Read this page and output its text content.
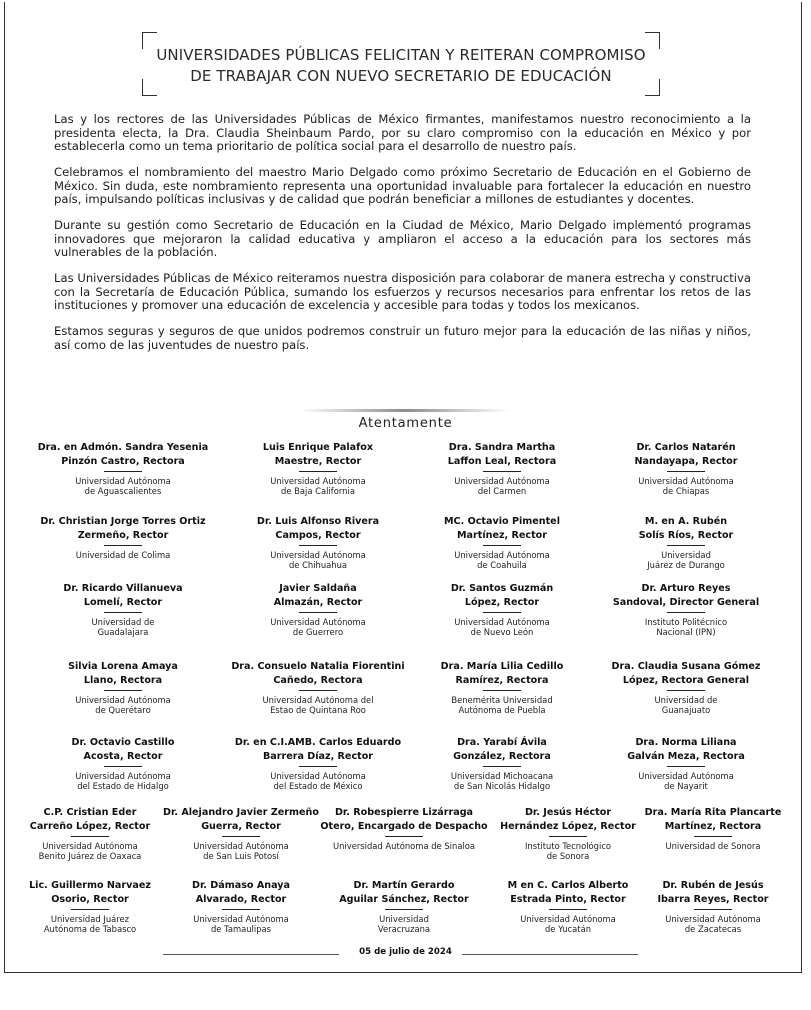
UNIVERSIDADES PÚBLICAS FELICITAN Y REITERAN COMPROMISO
DE TRABAJAR CON NUEVO SECRETARIO DE EDUCACIÓN

Las y los rectores de las Universidades Públicas de México firmantes, manifestamos nuestro reconocimiento a la presidenta electa, la Dra. Claudia Sheinbaum Pardo, por su claro compromiso con la educación en México y por establecerla como un tema prioritario de política social para el desarrollo de nuestro país.

Celebramos el nombramiento del maestro Mario Delgado como próximo Secretario de Educación en el Gobierno de México. Sin duda, este nombramiento representa una oportunidad invaluable para fortalecer la educación en nuestro país, impulsando políticas inclusivas y de calidad que podrán beneficiar a millones de estudiantes y docentes.

Durante su gestión como Secretario de Educación en la Ciudad de México, Mario Delgado implementó programas innovadores que mejoraron la calidad educativa y ampliaron el acceso a la educación para los sectores más vulnerables de la población.

Las Universidades Públicas de México reiteramos nuestra disposición para colaborar de manera estrecha y constructiva con la Secretaría de Educación Pública, sumando los esfuerzos y recursos necesarios para enfrentar los retos de las instituciones y promover una educación de excelencia y accesible para todas y todos los mexicanos.

Estamos seguras y seguros de que unidos podremos construir un futuro mejor para la educación de las niñas y niños, así como de las juventudes de nuestro país.

Atentamente
Dra. en Admón. Sandra Yesenia
Pinzón Castro, Rectora
Universidad Autónoma
de Aguascalientes
Luis Enrique Palafox
Maestre, Rector
Universidad Autónoma
de Baja California
Dra. Sandra Martha
Laffon Leal, Rectora
Universidad Autónoma
del Carmen
Dr. Carlos Natarén
Nandayapa, Rector
Universidad Autónoma
de Chiapas
Dr. Christian Jorge Torres Ortiz
Zermeño, Rector
Universidad de Colima
Dr. Luis Alfonso Rivera
Campos, Rector
Universidad Autónoma
de Chihuahua
MC. Octavio Pimentel
Martínez, Rector
Universidad Autónoma
de Coahuila
M. en A. Rubén
Solís Ríos, Rector
Universidad
Juárez de Durango
Dr. Ricardo Villanueva
Lomelí, Rector
Universidad de
Guadalajara
Javier Saldaña
Almazán, Rector
Universidad Autónoma
de Guerrero
Dr. Santos Guzmán
López, Rector
Universidad Autónoma
de Nuevo León
Dr. Arturo Reyes
Sandoval, Director General
Instituto Politécnico
Nacional (IPN)
Silvia Lorena Amaya
Llano, Rectora
Universidad Autónoma
de Querétaro
Dra. Consuelo Natalia Fiorentini
Cañedo, Rectora
Universidad Autónoma del
Estao de Quintana Roo
Dra. María Lilia Cedillo
Ramírez, Rectora
Benemérita Universidad
Autónoma de Puebla
Dra. Claudia Susana Gómez
López, Rectora General
Universidad de
Guanajuato
Dr. Octavio Castillo
Acosta, Rector
Universidad Autónoma
del Estado de Hidalgo
Dr. en C.I.AMB. Carlos Eduardo
Barrera Díaz, Rector
Universidad Autónoma
del Estado de México
Dra. Yarabí Ávila
González, Rectora
Universidad Michoacana
de San Nicolás Hidalgo
Dra. Norma Liliana
Galván Meza, Rectora
Universidad Autónoma
de Nayarit
C.P. Cristian Eder
Carreño López, Rector
Universidad Autónoma
Benito Juárez de Oaxaca
Dr. Alejandro Javier Zermeño
Guerra, Rector
Universidad Autónoma
de San Luis Potosí
Dr. Robespierre Lizárraga
Otero, Encargado de Despacho
Universidad Autónoma de Sinaloa
Dr. Jesús Héctor
Hernández López, Rector
Instituto Tecnológico
de Sonora
Dra. María Rita Plancarte
Martínez, Rectora
Universidad de Sonora
Lic. Guillermo Narvaez
Osorio, Rector
Universidad Juárez
Autónoma de Tabasco
Dr. Dámaso Anaya
Alvarado, Rector
Universidad Autónoma
de Tamaulipas
Dr. Martín Gerardo
Aguilar Sánchez, Rector
Universidad
Veracruzana
M en C. Carlos Alberto
Estrada Pinto, Rector
Universidad Autónoma
de Yucatán
Dr. Rubén de Jesús
Ibarra Reyes, Rector
Universidad Autónoma
de Zacatecas
05 de julio de 2024
